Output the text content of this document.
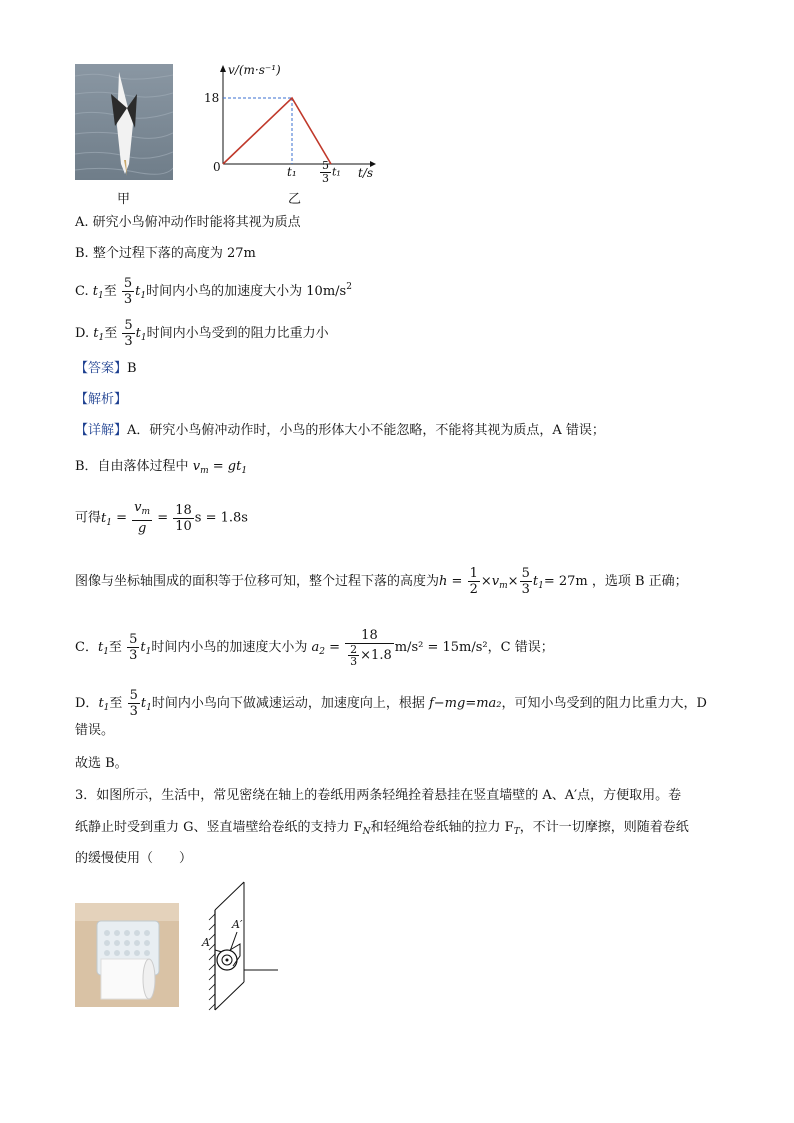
甲
v/(m·s⁻¹)
18
0	$t_1 \frac{5}{3} t_1$ t/s
乙
A. 研究小鸟俯冲动作时能将其视为质点
B. 整个过程下落的高度为 27m
C. $t_1$至 $\frac{5}{3} t_1$时间内小鸟的加速度大小为 $10m/s^2$
D. $t_1$至 $\frac{5}{3} t_1$时间内小鸟受到的阻力比重力小
【答案】B
【解析】
【详解】A．研究小鸟俯冲动作时，小鸟的形体大小不能忽略，不能将其视为质点，A 错误；
B．自由落体过程中 $v_m = gt_1$
可得$t_1 = \frac{v_m}{g} = \frac{18}{10}$ s = 1.8s
图像与坐标轴围成的面积等于位移可知，整个过程下落的高度为$h = \frac{1}{2} \times v_m\times \frac{5}{3} t_1= 27m$ ，选项 B 正确；
C．$t_1$至 $\frac{5}{3} t_1$时间内小鸟的加速度大小为 $a_2 = \frac{18}{\frac{2}{3} \times 1.8} m/s^2 = 15m/s^2$，C 错误；
D．$t_1$至 $\frac{5}{3} t_1$时间内小鸟向下做减速运动，加速度向上，根据 f−mg=ma₂，可知小鸟受到的阻力比重力大，D
错误。
故选 B。
3．如图所示，生活中，常见密绕在轴上的卷纸用两条轻绳拴着悬挂在竖直墙壁的 A、A′点，方便取用。卷
纸静止时受到重力 G、竖直墙壁给卷纸的支持力 $F_N$和轻绳给卷纸轴的拉力 $F_T$，不计一切摩擦，则随着卷纸
的缓慢使用（　　）
A
A′
